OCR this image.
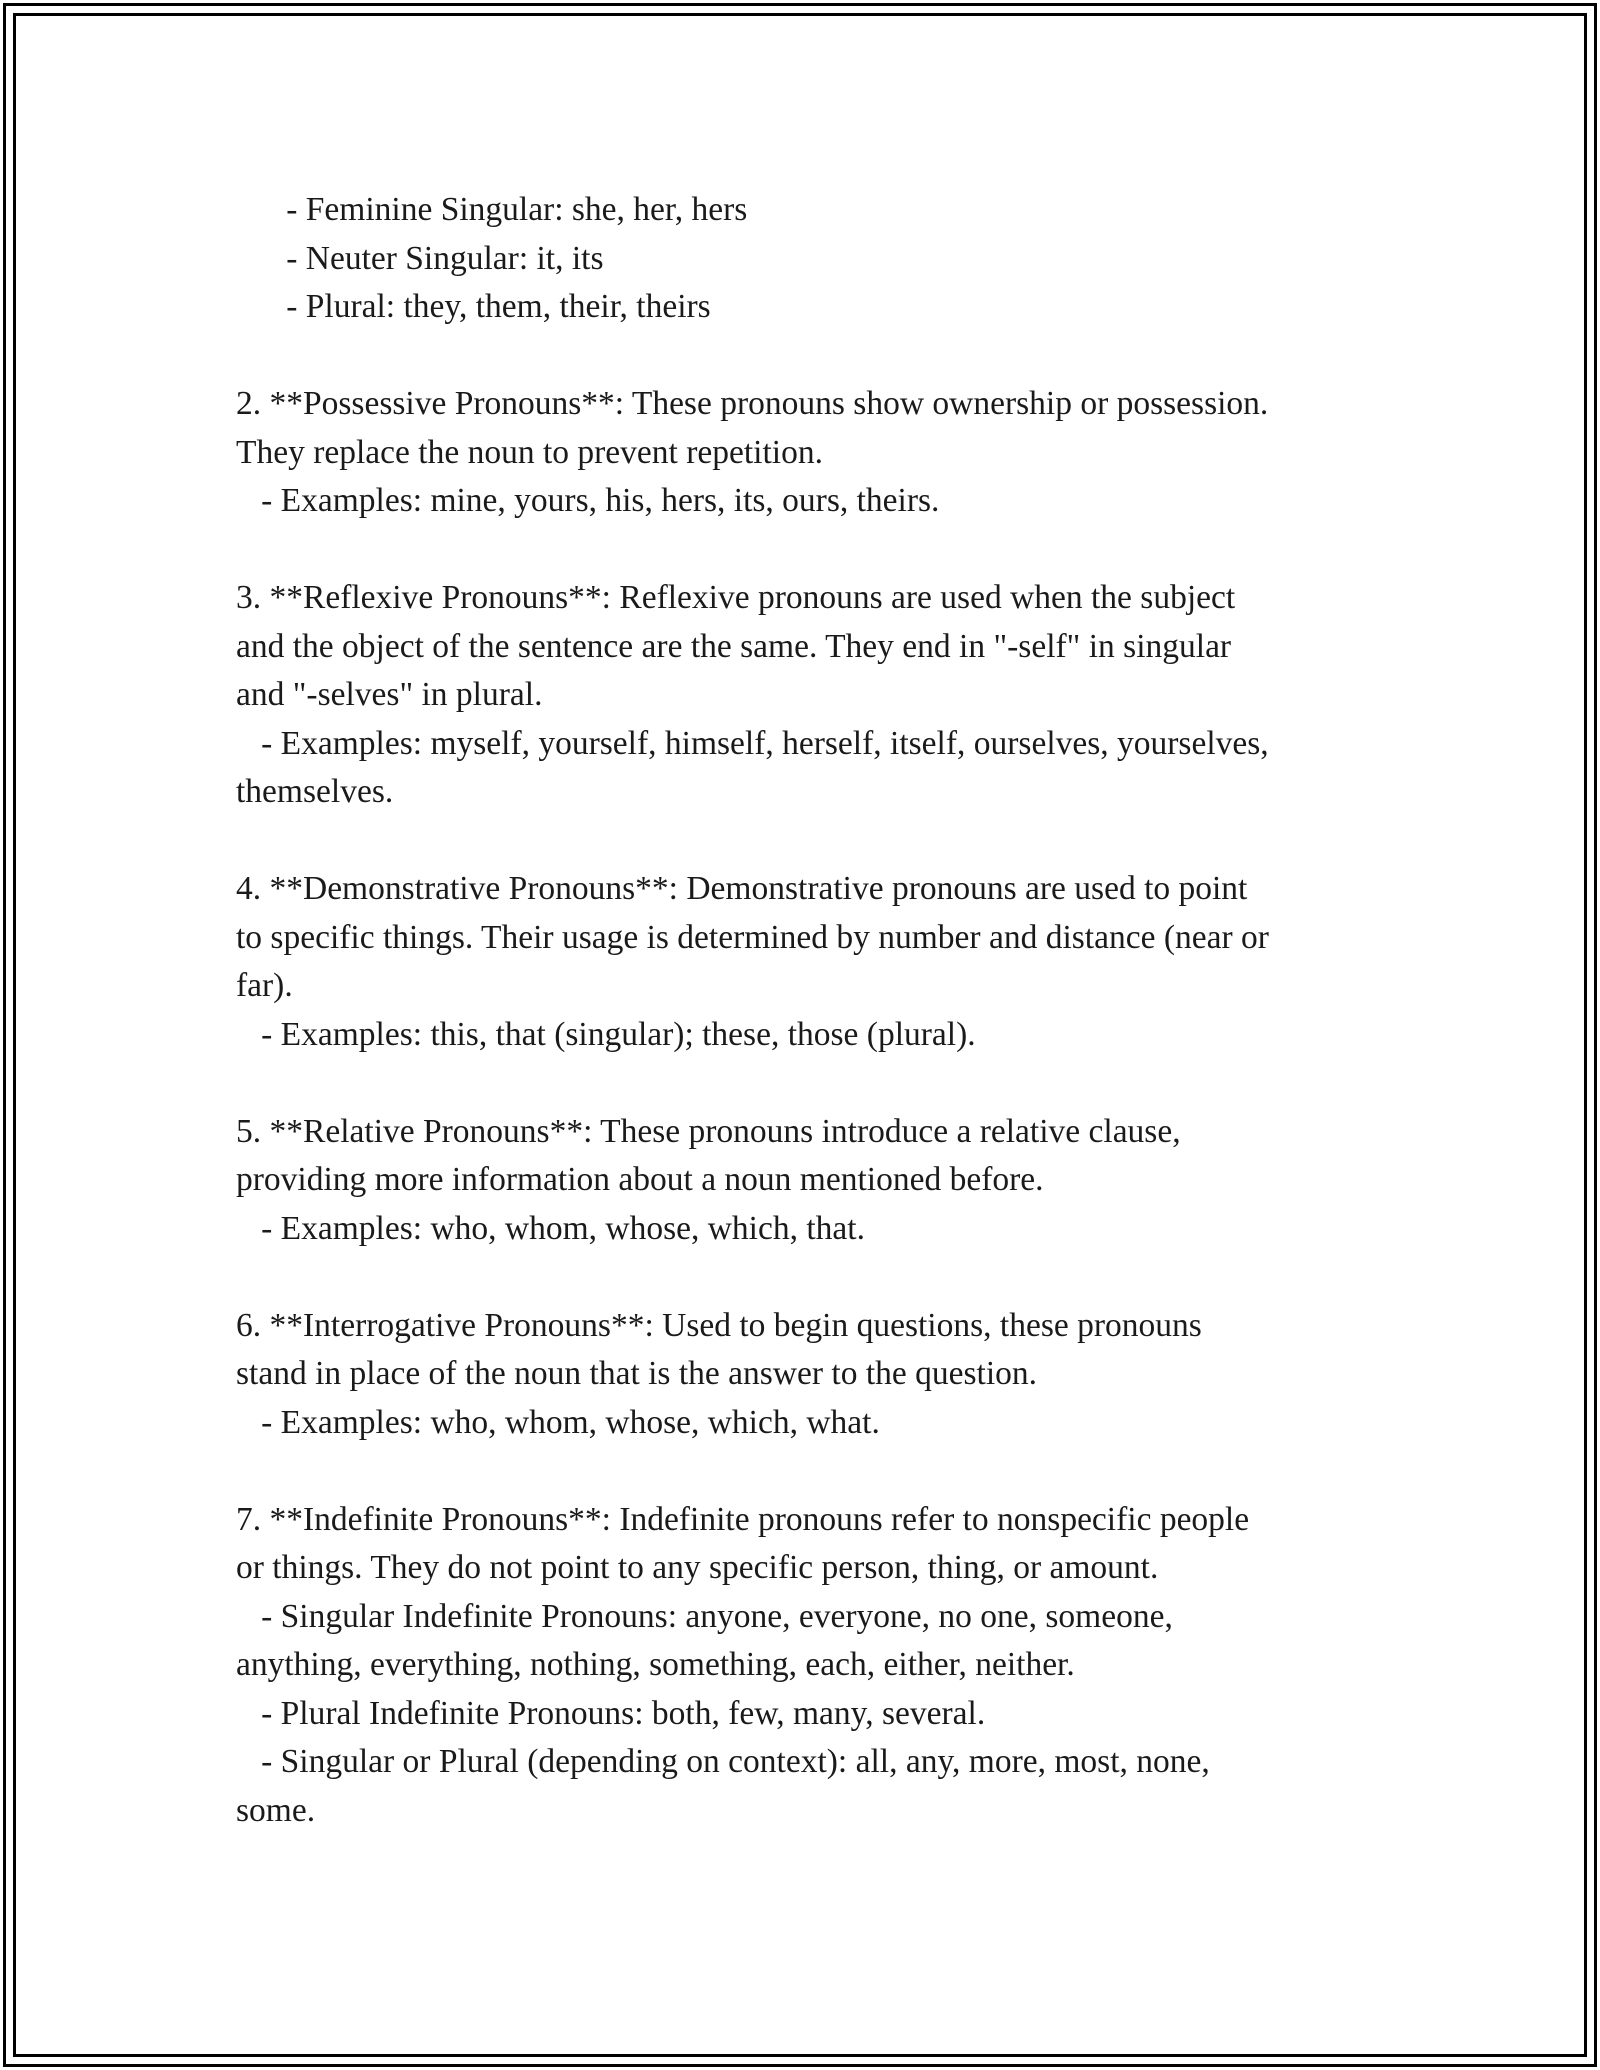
- Feminine Singular: she, her, hers
- Neuter Singular: it, its
- Plural: they, them, their, theirs
2. **Possessive Pronouns**: These pronouns show ownership or possession.
They replace the noun to prevent repetition.
- Examples: mine, yours, his, hers, its, ours, theirs.
3. **Reflexive Pronouns**: Reflexive pronouns are used when the subject
and the object of the sentence are the same. They end in "-self" in singular
and "-selves" in plural.
- Examples: myself, yourself, himself, herself, itself, ourselves, yourselves,
themselves.
4. **Demonstrative Pronouns**: Demonstrative pronouns are used to point
to specific things. Their usage is determined by number and distance (near or
far).
- Examples: this, that (singular); these, those (plural).
5. **Relative Pronouns**: These pronouns introduce a relative clause,
providing more information about a noun mentioned before.
- Examples: who, whom, whose, which, that.
6. **Interrogative Pronouns**: Used to begin questions, these pronouns
stand in place of the noun that is the answer to the question.
- Examples: who, whom, whose, which, what.
7. **Indefinite Pronouns**: Indefinite pronouns refer to nonspecific people
or things. They do not point to any specific person, thing, or amount.
- Singular Indefinite Pronouns: anyone, everyone, no one, someone,
anything, everything, nothing, something, each, either, neither.
- Plural Indefinite Pronouns: both, few, many, several.
- Singular or Plural (depending on context): all, any, more, most, none,
some.
